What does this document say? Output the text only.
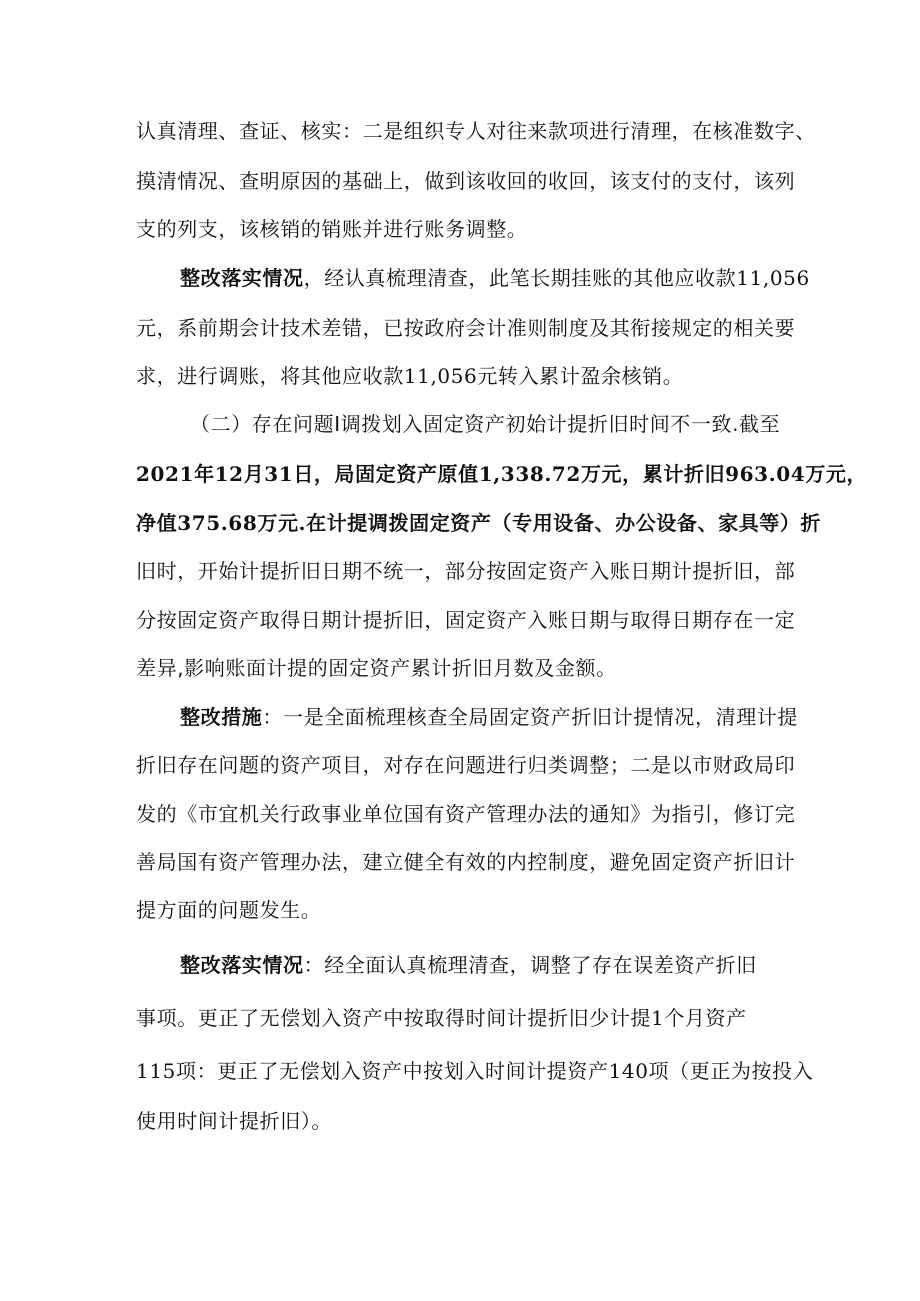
认真清理、查证、核实：二是组织专人对往来款项进行清理，在核准数字、
摸清情况、查明原因的基础上，做到该收回的收回，该支付的支付，该列
支的列支，该核销的销账并进行账务调整。
整改落实情况，经认真梳理清查，此笔长期挂账的其他应收款11,056
元，系前期会计技术差错，已按政府会计准则制度及其衔接规定的相关要
求，进行调账，将其他应收款11,056元转入累计盈余核销。
（二）存在问题I调拨划入固定资产初始计提折旧时间不一致.截至
2021年12月31日，局固定资产原值1,338.72万元，累计折旧963.04万元，
净值375.68万元.在计提调拨固定资产（专用设备、办公设备、家具等）折
旧时，开始计提折旧日期不统一，部分按固定资产入账日期计提折旧，部
分按固定资产取得日期计提折旧，固定资产入账日期与取得日期存在一定
差异,影响账面计提的固定资产累计折旧月数及金额。
整改措施：一是全面梳理核查全局固定资产折旧计提情况，清理计提
折旧存在问题的资产项目，对存在问题进行归类调整；二是以市财政局印
发的《市宜机关行政事业单位国有资产管理办法的通知》为指引，修订完
善局国有资产管理办法，建立健全有效的内控制度，避免固定资产折旧计
提方面的问题发生。
整改落实情况：经全面认真梳理清查，调整了存在误差资产折旧
事项。更正了无偿划入资产中按取得时间计提折旧少计提1个月资产
115项：更正了无偿划入资产中按划入时间计提资产140项（更正为按投入
使用时间计提折旧）。
